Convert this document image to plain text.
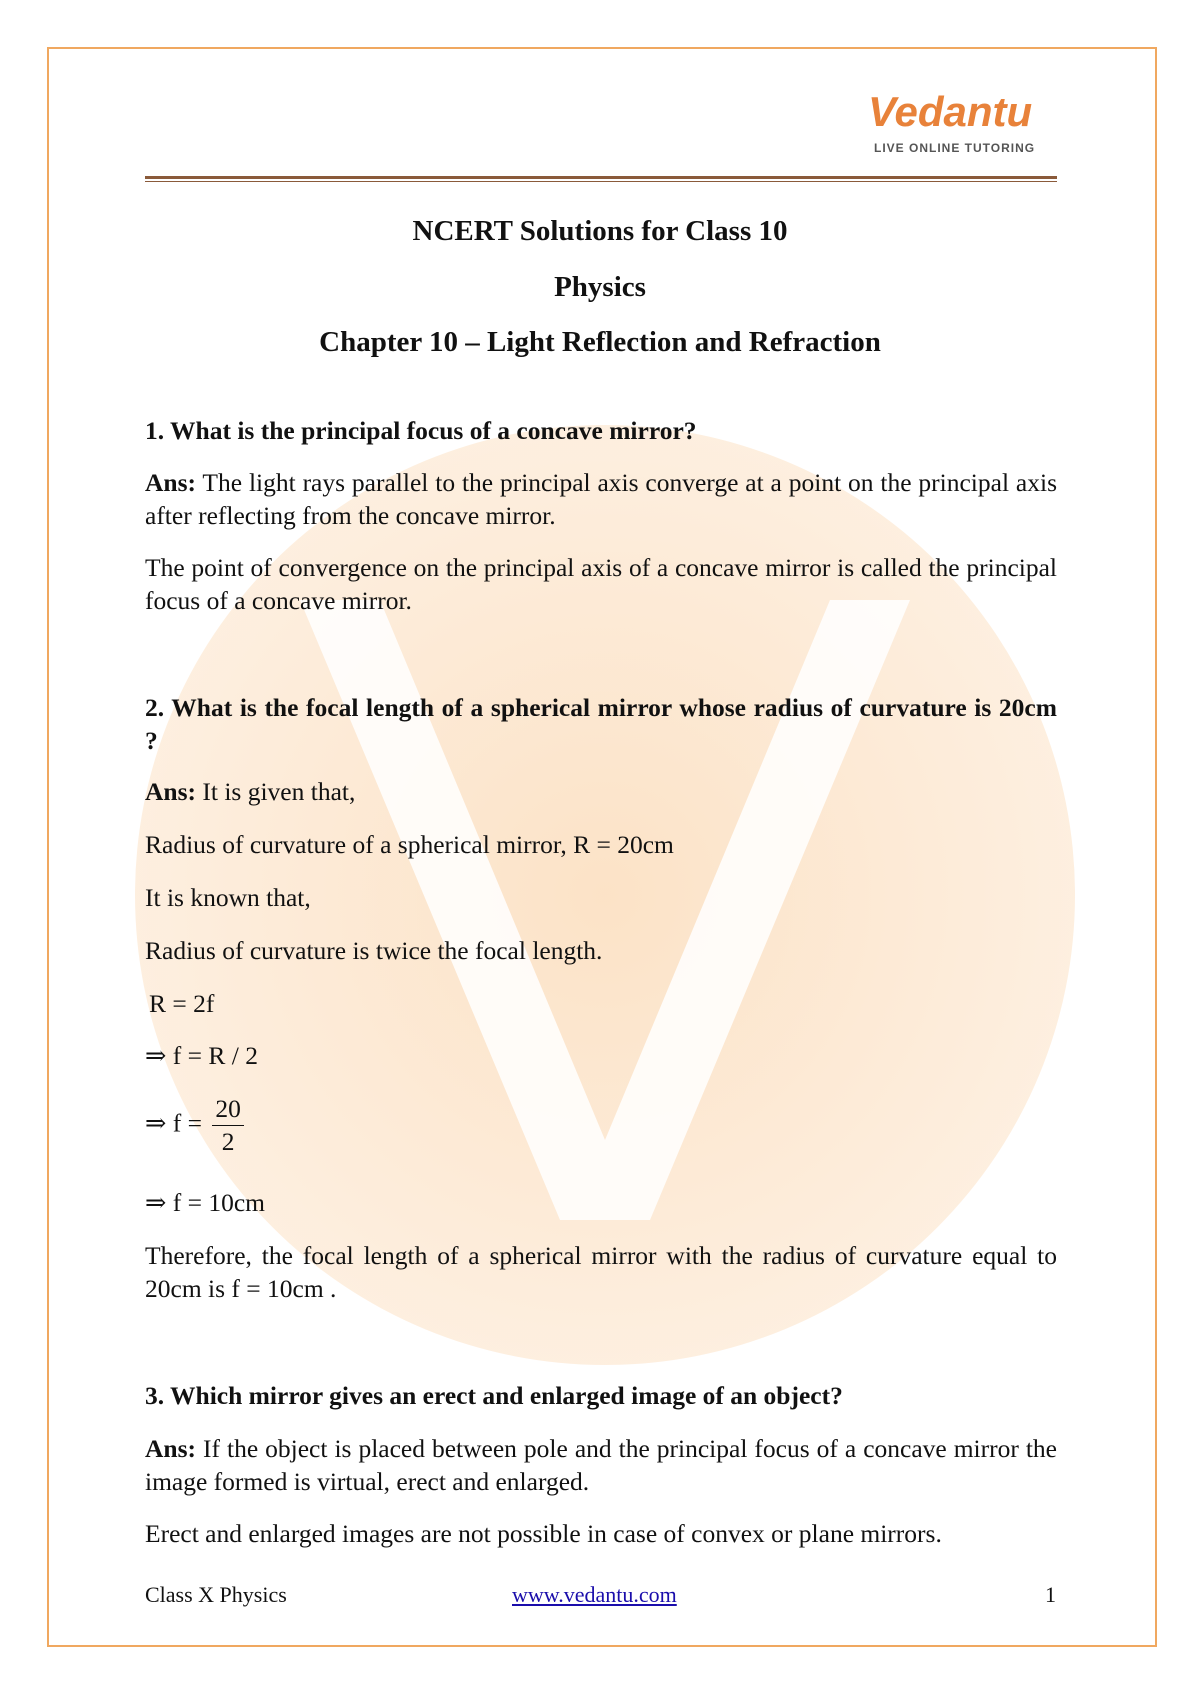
Vedantu
LIVE ONLINE TUTORING
NCERT Solutions for Class 10
Physics
Chapter 10 – Light Reflection and Refraction
1. What is the principal focus of a concave mirror?
Ans: The light rays parallel to the principal axis converge at a point on the principal axis after reflecting from the concave mirror.
The point of convergence on the principal axis of a concave mirror is called the principal focus of a concave mirror.
2. What is the focal length of a spherical mirror whose radius of curvature is 20cm ?
Ans: It is given that,
Radius of curvature of a spherical mirror, R = 20cm
It is known that,
Radius of curvature is twice the focal length.
R = 2f
⇒ f = R / 2
⇒ $f = \frac{20}{2}$
⇒ f = 10cm
Therefore, the focal length of a spherical mirror with the radius of curvature equal to 20cm is f = 10cm .
3. Which mirror gives an erect and enlarged image of an object?
Ans: If the object is placed between pole and the principal focus of a concave mirror the image formed is virtual, erect and enlarged.
Erect and enlarged images are not possible in case of convex or plane mirrors.
Class X Physics	www.vedantu.com	1
